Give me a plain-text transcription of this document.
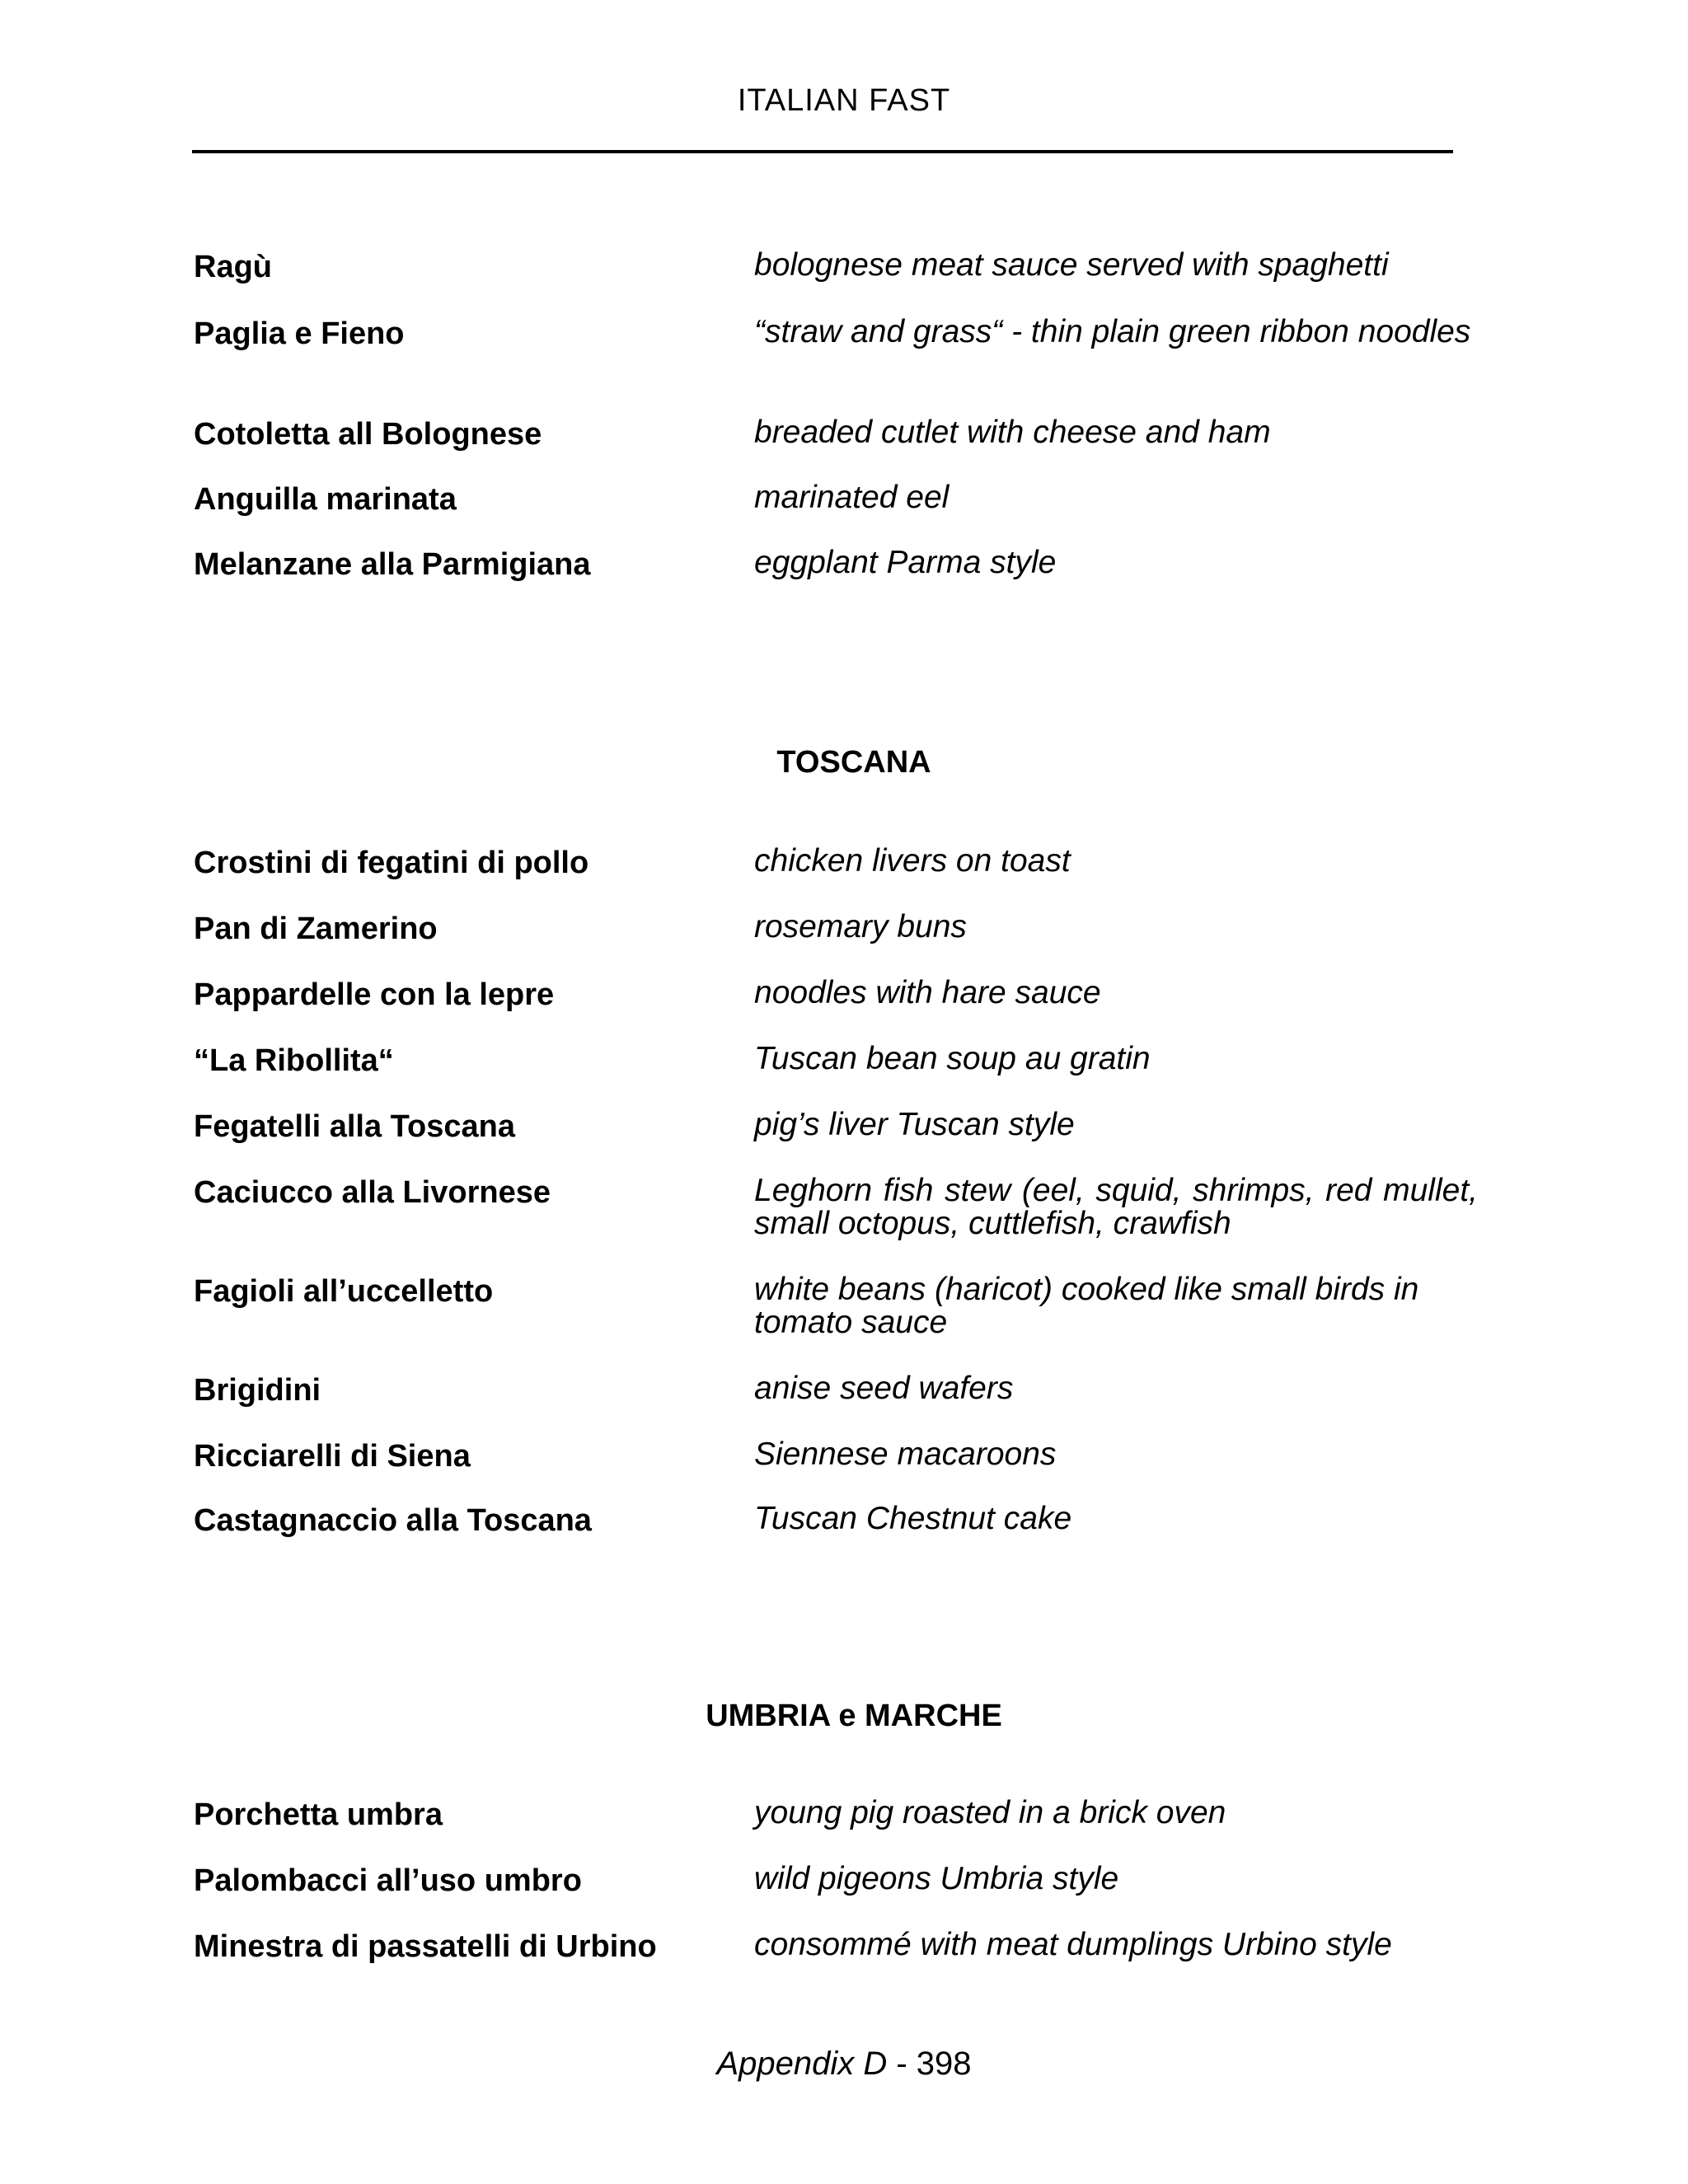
ITALIAN FAST
Ragù	bolognese meat sauce served with spaghetti
Paglia e Fieno	“straw and grass“ - thin plain green ribbon noodles
Cotoletta all Bolognese	breaded cutlet with cheese and ham
Anguilla marinata	marinated eel
Melanzane alla Parmigiana	eggplant Parma style
TOSCANA
Crostini di fegatini di pollo	chicken livers on toast
Pan di Zamerino	rosemary buns
Pappardelle con la lepre	noodles with hare sauce
“La Ribollita“	Tuscan bean soup au gratin
Fegatelli alla Toscana	pig’s liver Tuscan style
Caciucco alla Livornese	Leghorn fish stew (eel, squid, shrimps, red mullet, small octopus, cuttlefish, crawfish
Fagioli all’uccelletto	white beans (haricot) cooked like small birds in tomato sauce
Brigidini	anise seed wafers
Ricciarelli di Siena	Siennese macaroons
Castagnaccio alla Toscana	Tuscan Chestnut cake
UMBRIA e MARCHE
Porchetta umbra	young pig roasted in a brick oven
Palombacci all’uso umbro	wild pigeons Umbria style
Minestra di passatelli di Urbino	consommé with meat dumplings Urbino style
Appendix D - 398
